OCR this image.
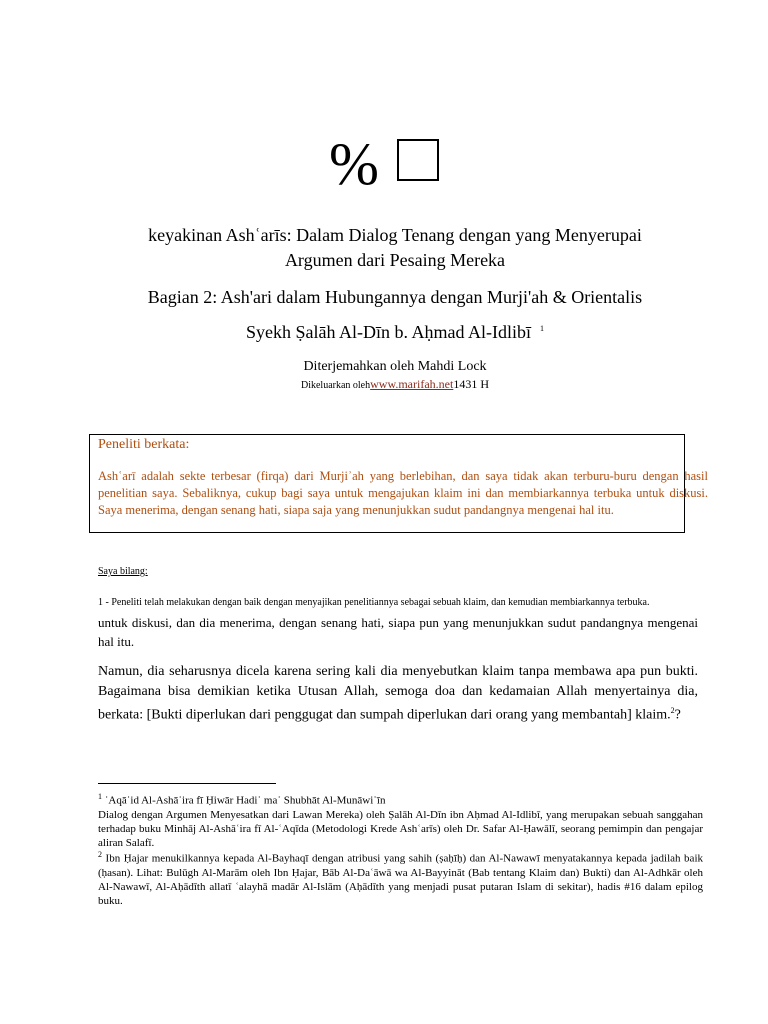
%
keyakinan Ashʿarīs: Dalam Dialog Tenang dengan yang Menyerupai
Argumen dari Pesaing Mereka
Bagian 2: Ash'ari dalam Hubungannya dengan Murji'ah & Orientalis
Syekh Ṣalāh Al-Dīn b. Aḥmad Al-Idlibī $^1$
Diterjemahkan oleh Mahdi Lock
Dikeluarkan olehwww.marifah.net1431 H
Peneliti berkata:
Ashʿarī adalah sekte terbesar (firqa) dari Murjiʾah yang berlebihan, dan saya tidak akan terburu-buru dengan hasil penelitian saya. Sebaliknya, cukup bagi saya untuk mengajukan klaim ini dan membiarkannya terbuka untuk diskusi. Saya menerima, dengan senang hati, siapa saja yang menunjukkan sudut pandangnya mengenai hal itu.
Saya bilang:
1 - Peneliti telah melakukan dengan baik dengan menyajikan penelitiannya sebagai sebuah klaim, dan kemudian membiarkannya terbuka.
untuk diskusi, dan dia menerima, dengan senang hati, siapa pun yang menunjukkan sudut pandangnya mengenai hal itu.
Namun, dia seharusnya dicela karena sering kali dia menyebutkan klaim tanpa membawa apa pun bukti. Bagaimana bisa demikian ketika Utusan Allah, semoga doa dan kedamaian Allah menyertainya dia, berkata: [Bukti diperlukan dari penggugat dan sumpah diperlukan dari orang yang membantah] klaim.$^2$?
$^1$ ʿAqāʾid Al-Ashāʿira fī Ḥiwār Hadiʾ maʿ Shubhāt Al-Munāwiʾīn
Dialog dengan Argumen Menyesatkan dari Lawan Mereka) oleh Ṣalāh Al-Dīn ibn Aḥmad Al-Idlibī, yang merupakan sebuah sanggahan terhadap buku Minhāj Al-Ashāʿira fī Al-ʿAqīda (Metodologi Krede Ashʿarīs) oleh Dr. Safar Al-Ḥawālī, seorang pemimpin dan pengajar aliran Salafī.
$^2$ Ibn Ḥajar menukilkannya kepada Al-Bayhaqī dengan atribusi yang sahih (ṣaḥīḥ) dan Al-Nawawī menyatakannya kepada jadilah baik (ḥasan). Lihat: Bulūgh Al-Marām oleh Ibn Ḥajar, Bāb Al-Daʿāwā wa Al-Bayyināt (Bab tentang Klaim dan) Bukti) dan Al-Adhkār oleh Al-Nawawī, Al-Aḥādīth allatī ʿalayhā madār Al-Islām (Aḥādīth yang menjadi pusat putaran Islam di sekitar), hadis #16 dalam epilog buku.
